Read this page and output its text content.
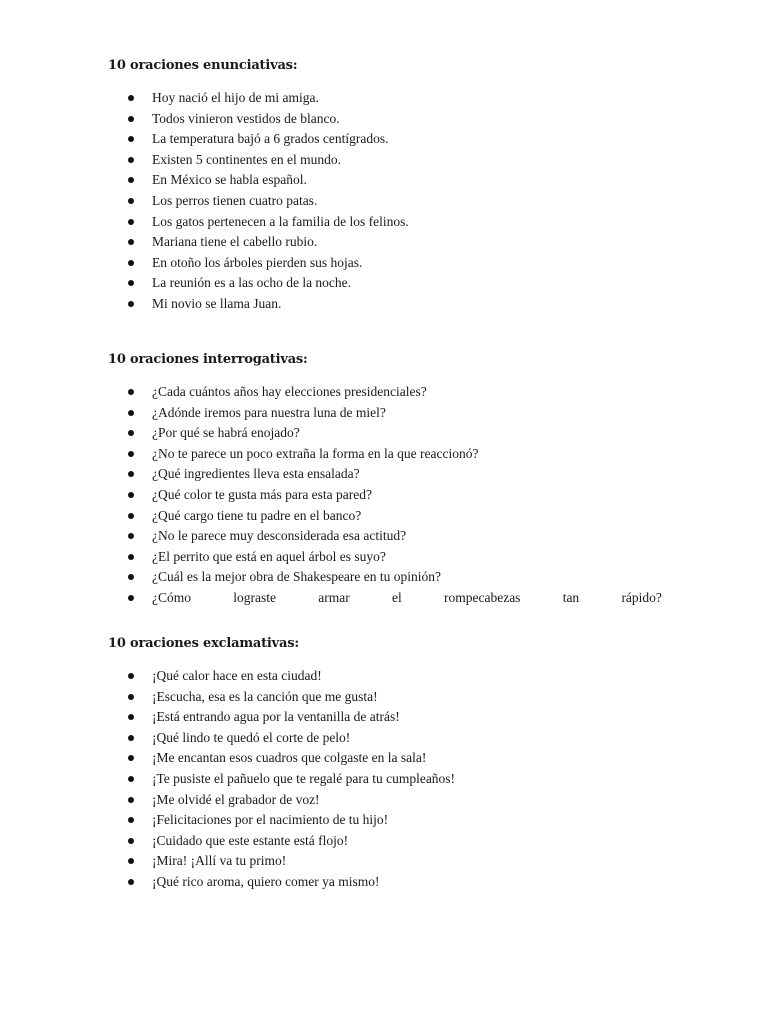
10 oraciones enunciativas:
Hoy nació el hijo de mi amiga.
Todos vinieron vestidos de blanco.
La temperatura bajó a 6 grados centígrados.
Existen 5 continentes en el mundo.
En México se habla español.
Los perros tienen cuatro patas.
Los gatos pertenecen a la familia de los felinos.
Mariana tiene el cabello rubio.
En otoño los árboles pierden sus hojas.
La reunión es a las ocho de la noche.
Mi novio se llama Juan.
10 oraciones interrogativas:
¿Cada cuántos años hay elecciones presidenciales?
¿Adónde iremos para nuestra luna de miel?
¿Por qué se habrá enojado?
¿No te parece un poco extraña la forma en la que reaccionó?
¿Qué ingredientes lleva esta ensalada?
¿Qué color te gusta más para esta pared?
¿Qué cargo tiene tu padre en el banco?
¿No le parece muy desconsiderada esa actitud?
¿El perrito que está en aquel árbol es suyo?
¿Cuál es la mejor obra de Shakespeare en tu opinión?
¿Cómo	lograste	armar	el	rompecabezas	tan	rápido?
10 oraciones exclamativas:
¡Qué calor hace en esta ciudad!
¡Escucha, esa es la canción que me gusta!
¡Está entrando agua por la ventanilla de atrás!
¡Qué lindo te quedó el corte de pelo!
¡Me encantan esos cuadros que colgaste en la sala!
¡Te pusiste el pañuelo que te regalé para tu cumpleaños!
¡Me olvidé el grabador de voz!
¡Felicitaciones por el nacimiento de tu hijo!
¡Cuidado que este estante está flojo!
¡Mira! ¡Allí va tu primo!
¡Qué rico aroma, quiero comer ya mismo!
